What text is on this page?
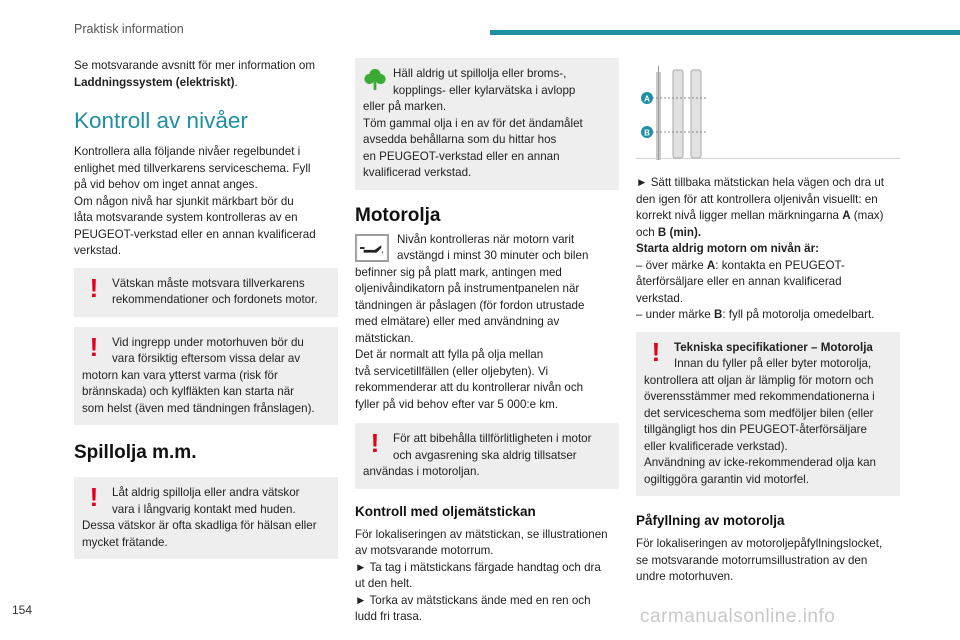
Praktisk information

Se motsvarande avsnitt för mer information om
Laddningssystem (elektriskt).

Kontroll av nivåer

Kontrollera alla följande nivåer regelbundet i
enlighet med tillverkarens serviceschema. Fyll
på vid behov om inget annat anges.
Om någon nivå har sjunkit märkbart bör du
låta motsvarande system kontrolleras av en
PEUGEOT-verkstad eller en annan kvalificerad
verkstad.

!	Vätskan måste motsvara tillverkarens
rekommendationer och fordonets motor.

!	Vid ingrepp under motorhuven bör du
vara försiktig eftersom vissa delar av

motorn kan vara ytterst varma (risk för
brännskada) och kylfläkten kan starta när
som helst (även med tändningen frånslagen).

Spillolja m.m.
!	Låt aldrig spillolja eller andra vätskor
vara i långvarig kontakt med huden.

Dessa vätskor är ofta skadliga för hälsan eller
mycket frätande.

Häll aldrig ut spillolja eller broms-,
kopplings- eller kylarvätska i avlopp

eller på marken.
Töm gammal olja i en av för det ändamålet
avsedda behållarna som du hittar hos
en PEUGEOT-verkstad eller en annan
kvalificerad verkstad.

Motorolja

Nivån kontrolleras när motorn varit
avstängd i minst 30 minuter och bilen

befinner sig på platt mark, antingen med
oljenivåindikatorn på instrumentpanelen när
tändningen är påslagen (för fordon utrustade
med elmätare) eller med användning av
mätstickan.
Det är normalt att fylla på olja mellan
två servicetillfällen (eller oljebyten). Vi
rekommenderar att du kontrollerar nivån och
fyller på vid behov efter var 5 000:e km.

!	För att bibehålla tillförlitligheten i motor
och avgasrening ska aldrig tillsatser

användas i motoroljan.

Kontroll med oljemätstickan

För lokaliseringen av mätstickan, se illustrationen
av motsvarande motorrum.
► Ta tag i mätstickans färgade handtag och dra
ut den helt.
► Torka av mätstickans ände med en ren och
ludd fri trasa.

A
B

► Sätt tillbaka mätstickan hela vägen och dra ut
den igen för att kontrollera oljenivån visuellt: en
korrekt nivå ligger mellan märkningarna A (max)
och B (min).
Starta aldrig motorn om nivån är:
– över märke A: kontakta en PEUGEOT-
återförsäljare eller en annan kvalificerad
verkstad.
– under märke B: fyll på motorolja omedelbart.

!	Tekniska specifikationer – Motorolja
Innan du fyller på eller byter motorolja,

kontrollera att oljan är lämplig för motorn och
överensstämmer med rekommendationerna i
det serviceschema som medföljer bilen (eller
tillgängligt hos din PEUGEOT-återförsäljare
eller kvalificerade verkstad).
Användning av icke-rekommenderad olja kan
ogiltiggöra garantin vid motorfel.

Påfyllning av motorolja

För lokaliseringen av motoroljepåfyllningslocket,
se motsvarande motorrumsillustration av den
undre motorhuven.

154	carmanualsonline.info
